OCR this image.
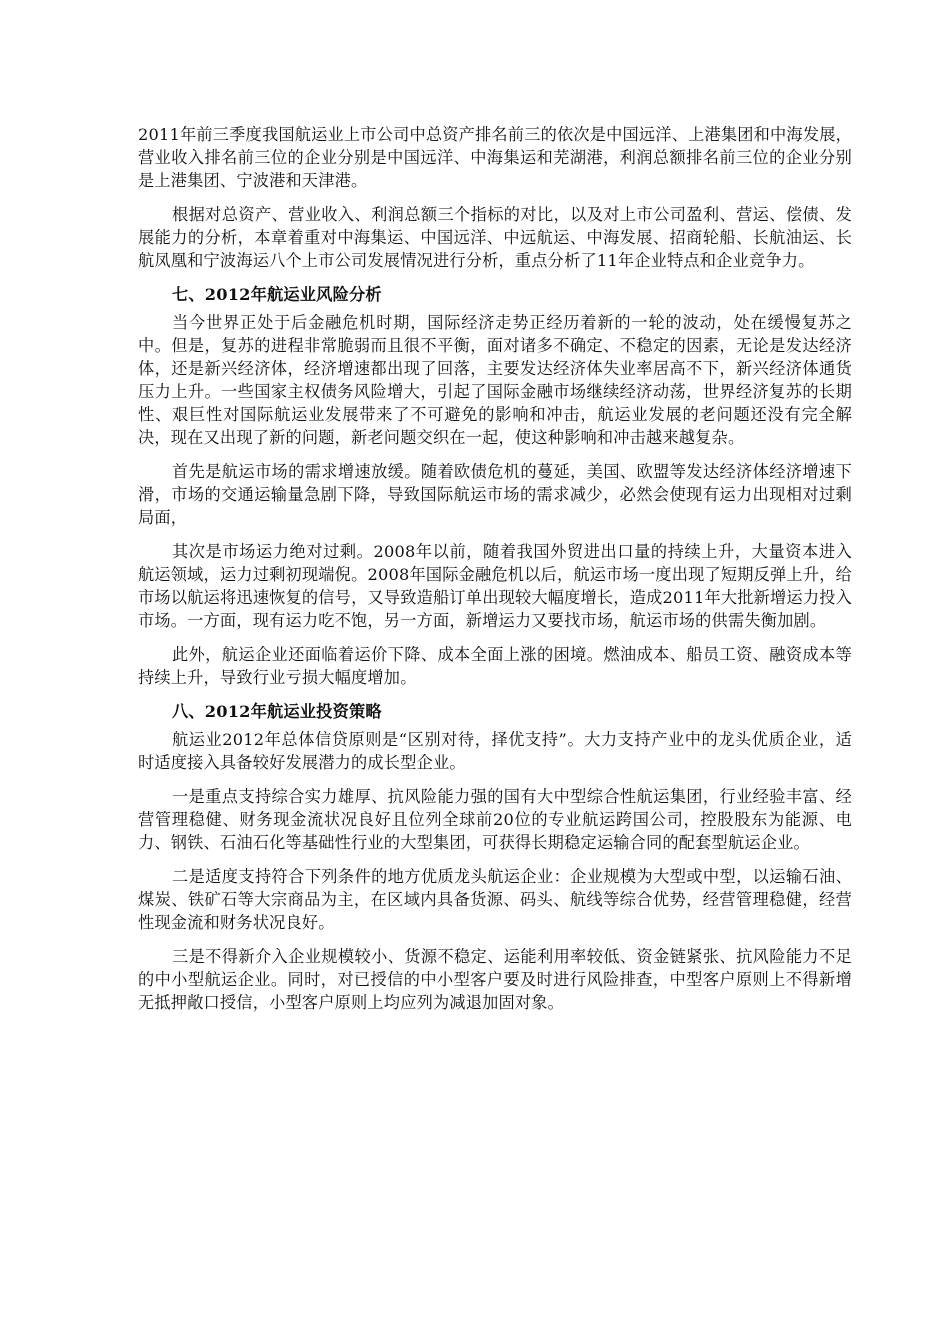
2011年前三季度我国航运业上市公司中总资产排名前三的依次是中国远洋、上港集团和中海发展，营业收入排名前三位的企业分别是中国远洋、中海集运和芜湖港，利润总额排名前三位的企业分别是上港集团、宁波港和天津港。

根据对总资产、营业收入、利润总额三个指标的对比，以及对上市公司盈利、营运、偿债、发展能力的分析，本章着重对中海集运、中国远洋、中远航运、中海发展、招商轮船、长航油运、长航凤凰和宁波海运八个上市公司发展情况进行分析，重点分析了11年企业特点和企业竞争力。

七、2012年航运业风险分析

当今世界正处于后金融危机时期，国际经济走势正经历着新的一轮的波动，处在缓慢复苏之中。但是，复苏的进程非常脆弱而且很不平衡，面对诸多不确定、不稳定的因素，无论是发达经济体，还是新兴经济体，经济增速都出现了回落，主要发达经济体失业率居高不下，新兴经济体通货压力上升。一些国家主权债务风险增大，引起了国际金融市场继续经济动荡，世界经济复苏的长期性、艰巨性对国际航运业发展带来了不可避免的影响和冲击，航运业发展的老问题还没有完全解决，现在又出现了新的问题，新老问题交织在一起，使这种影响和冲击越来越复杂。

首先是航运市场的需求增速放缓。随着欧债危机的蔓延，美国、欧盟等发达经济体经济增速下滑，市场的交通运输量急剧下降，导致国际航运市场的需求减少，必然会使现有运力出现相对过剩局面，

其次是市场运力绝对过剩。2008年以前，随着我国外贸进出口量的持续上升，大量资本进入航运领域，运力过剩初现端倪。2008年国际金融危机以后，航运市场一度出现了短期反弹上升，给市场以航运将迅速恢复的信号，又导致造船订单出现较大幅度增长，造成2011年大批新增运力投入市场。一方面，现有运力吃不饱，另一方面，新增运力又要找市场，航运市场的供需失衡加剧。

此外，航运企业还面临着运价下降、成本全面上涨的困境。燃油成本、船员工资、融资成本等持续上升，导致行业亏损大幅度增加。

八、2012年航运业投资策略

航运业2012年总体信贷原则是“区别对待，择优支持”。大力支持产业中的龙头优质企业，适时适度接入具备较好发展潜力的成长型企业。

一是重点支持综合实力雄厚、抗风险能力强的国有大中型综合性航运集团，行业经验丰富、经营管理稳健、财务现金流状况良好且位列全球前20位的专业航运跨国公司，控股股东为能源、电力、钢铁、石油石化等基础性行业的大型集团，可获得长期稳定运输合同的配套型航运企业。

二是适度支持符合下列条件的地方优质龙头航运企业：企业规模为大型或中型，以运输石油、煤炭、铁矿石等大宗商品为主，在区域内具备货源、码头、航线等综合优势，经营管理稳健，经营性现金流和财务状况良好。

三是不得新介入企业规模较小、货源不稳定、运能利用率较低、资金链紧张、抗风险能力不足的中小型航运企业。同时，对已授信的中小型客户要及时进行风险排查，中型客户原则上不得新增无抵押敞口授信，小型客户原则上均应列为减退加固对象。
